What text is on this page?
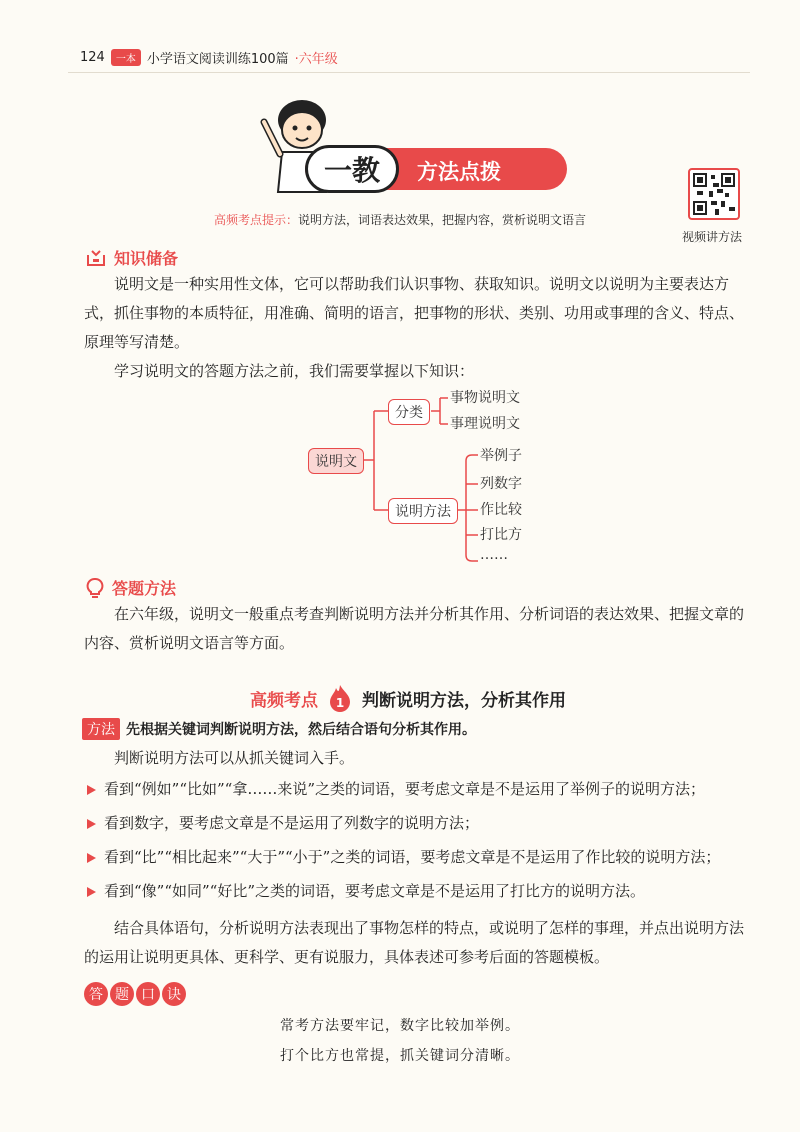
124	一本 小学语文阅读训练100篇 ·六年级
一教	方法点拨
高频考点提示：说明方法，词语表达效果，把握内容，赏析说明文语言
视频讲方法
知识储备

说明文是一种实用性文体，它可以帮助我们认识事物、获取知识。说明文以说明为主要表达方式，抓住事物的本质特征，用准确、简明的语言，把事物的形状、类别、功用或事理的含义、特点、原理等写清楚。

学习说明文的答题方法之前，我们需要掌握以下知识：

说明文
分类
事物说明文
事理说明文
说明方法
举例子
列数字
作比较
打比方
……
答题方法

在六年级，说明文一般重点考查判断说明方法并分析其作用、分析词语的表达效果、把握文章的内容、赏析说明文语言等方面。

高频考点 1 判断说明方法，分析其作用
方法 先根据关键词判断说明方法，然后结合语句分析其作用。

判断说明方法可以从抓关键词入手。

看到“例如”“比如”“拿……来说”之类的词语，要考虑文章是不是运用了举例子的说明方法；
看到数字，要考虑文章是不是运用了列数字的说明方法；
看到“比”“相比起来”“大于”“小于”之类的词语，要考虑文章是不是运用了作比较的说明方法；
看到“像”“如同”“好比”之类的词语，要考虑文章是不是运用了打比方的说明方法。

结合具体语句，分析说明方法表现出了事物怎样的特点，或说明了怎样的事理，并点出说明方法的运用让说明更具体、更科学、更有说服力，具体表述可参考后面的答题模板。

答 题 口 诀
常考方法要牢记，数字比较加举例。
打个比方也常提，抓关键词分清晰。
